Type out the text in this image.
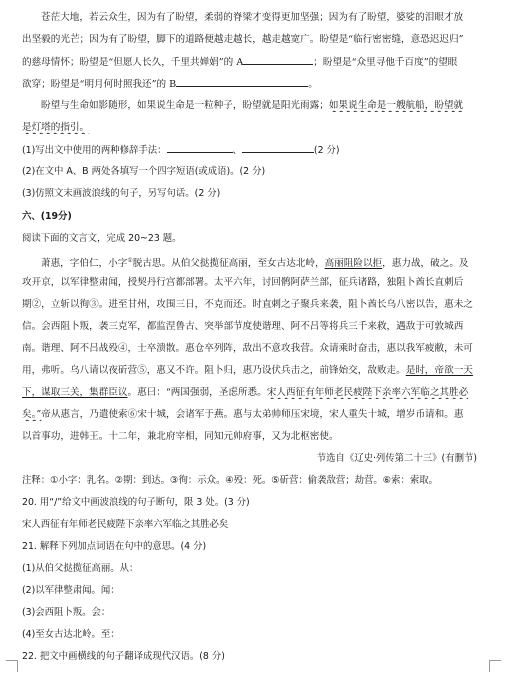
苍茫大地，若云众生，因为有了盼望，柔弱的脊梁才变得更加坚强；因为有了盼望，婆娑的泪眼才放
出坚毅的光芒；因为有了盼望，脚下的道路便越走越长，越走越宽广。盼望是“临行密密缝，意恐迟迟归”
的慈母情怀；盼望是“但愿人长久，千里共婵娟”的 A	；盼望是“众里寻他千百度”的望眼
欲穿；盼望是“明月何时照我还”的 B	。
盼望与生命如影随形，如果说生命是一粒种子，盼望就是阳光雨露；如果说生命是一艘航船，盼望就
是灯塔的指引。
(1)写出文中使用的两种修辞手法：	、	(2 分)
(2)在文中 A、B 两处各填写一个四字短语(或成语)。(2 分)
(3)仿照文末画波浪线的句子，另写句话。(2 分)
六、(19分)
阅读下面的文言文，完成 20~23 题。
萧惠，字伯仁，小字①脱古思。从伯父挞揽征高丽，至女古达北岭，高丽阻险以拒，惠力战，破之。及
攻开京，以军律整肃闻，授契丹行宫都部署。太平六年，讨回鹘阿萨兰部，征兵诸路，独阻卜酋长直刺后
期②，立斩以徇③。进至甘州，攻围三日，不克而还。时直刺之子聚兵来袭，阻卜酋长乌八密以告，惠未之
信。会西阻卜叛，袭三克军，都监涅鲁古、突举部节度使谐理、阿不吕等将兵三千来救，遇敌于可敦城西
南。谐理、阿不吕战殁④，士卒溃散。惠仓卒列阵，敌出不意攻我营。众请乘时奋击，惠以我军疲敝，未可
用，弗听。乌八请以夜斫营⑤，惠又不许。阻卜归，惠乃设伏兵击之，前锋始交，敌败走。是时，帝欲一天
下，谋取三关，集群臣议。惠曰：“两国强弱，圣虑所悉。宋人西征有年师老民疲陛下亲率六军临之其胜必
矣。”帝从惠言，乃遣使索⑥宋十城，会诸军于燕。惠与太弟帅师压宋境，宋人重失十城，增岁币请和。惠
以首事功，进韩王。十二年，兼北府宰相，同知元帅府事，又为北枢密使。
节选自《辽史·列传第二十三》(有删节)
注释：①小字：乳名。②期：到达。③徇：示众。④殁：死。⑤斫营：偷袭敌营；劫营。⑥索：索取。
20. 用“/”给文中画波浪线的句子断句，限 3 处。(3 分)
宋人西征有年师老民疲陛下亲率六军临之其胜必矣
21. 解释下列加点词语在句中的意思。(4 分)
(1)从伯父挞揽征高丽。从：
(2)以军律整肃闻。闻：
(3)会西阻卜叛。会：
(4)至女古达北岭。至：
22. 把文中画横线的句子翻译成现代汉语。(8 分)
